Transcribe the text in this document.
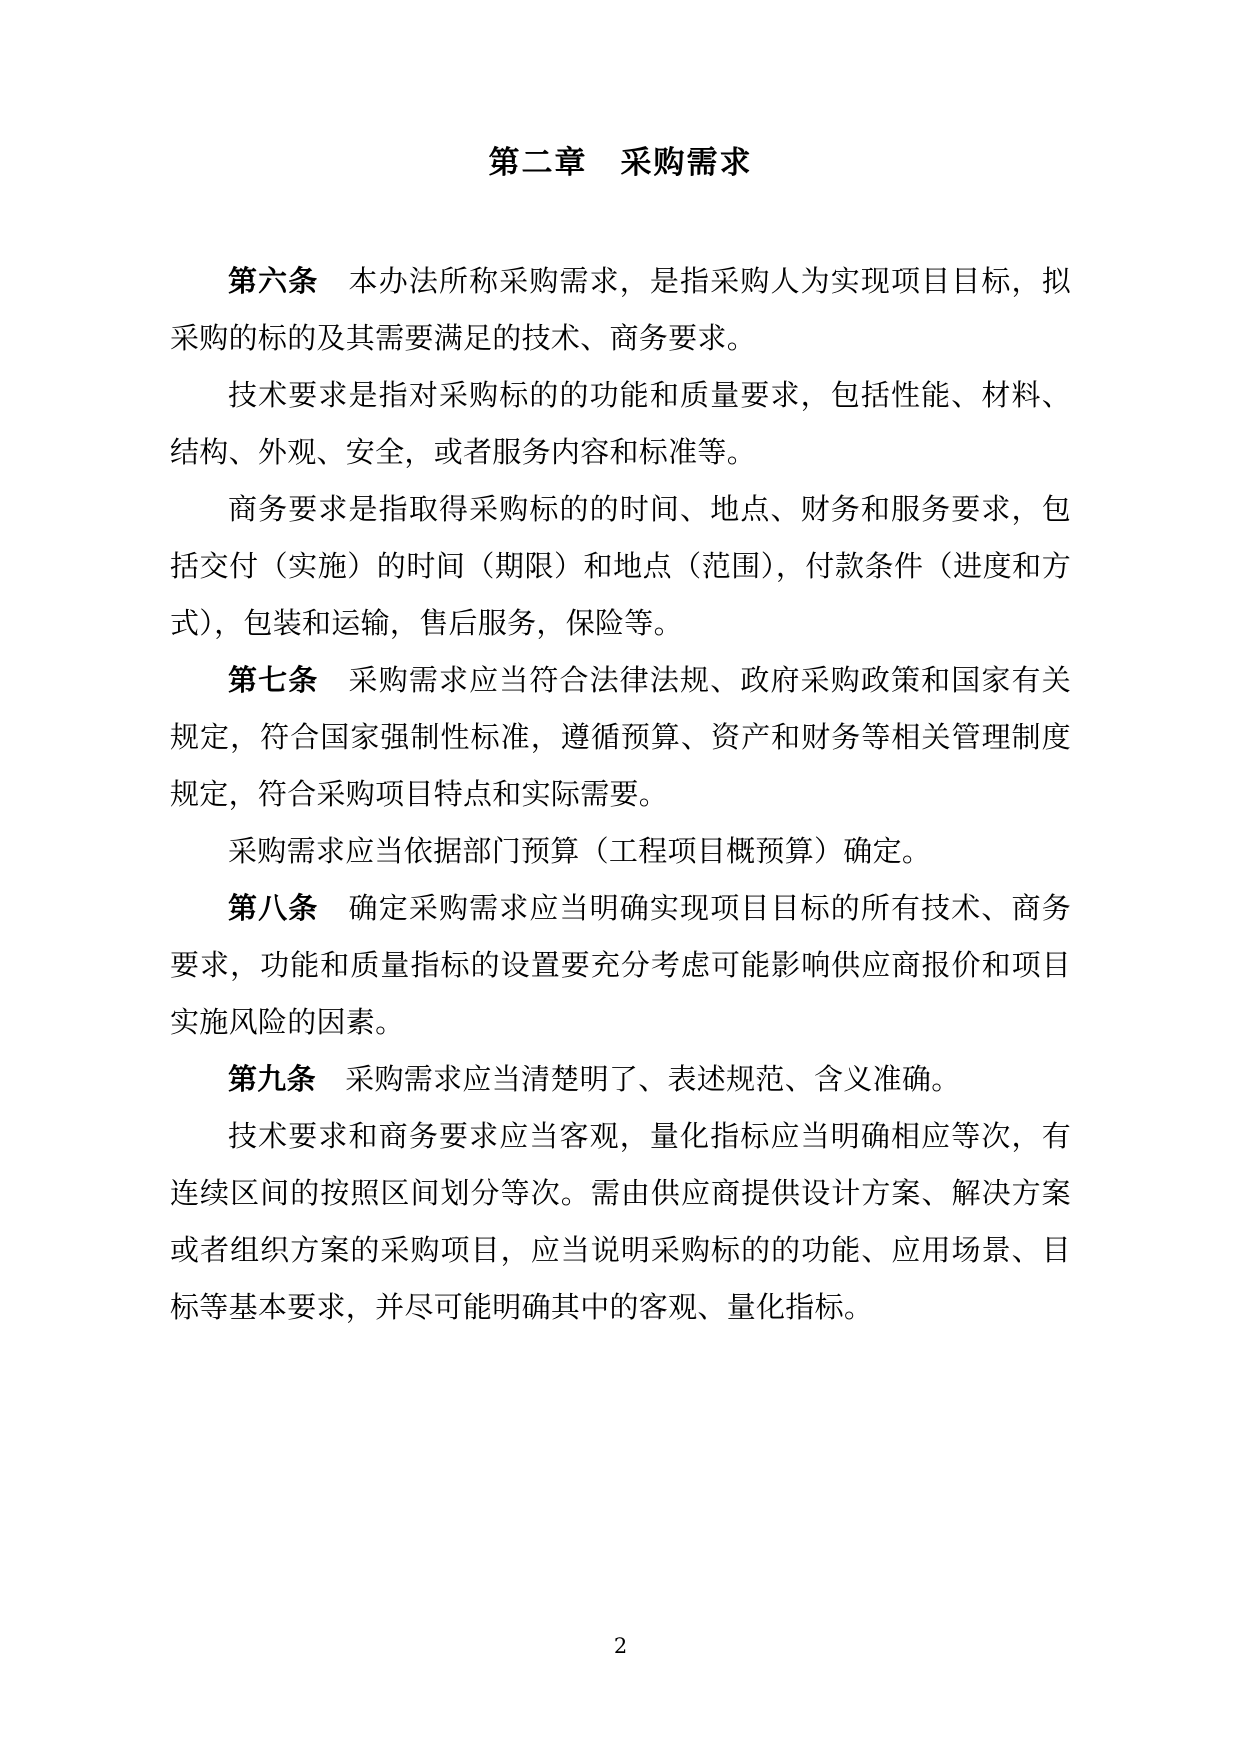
第二章　采购需求

第六条　本办法所称采购需求，是指采购人为实现项目目标，拟采购的标的及其需要满足的技术、商务要求。

技术要求是指对采购标的的功能和质量要求，包括性能、材料、结构、外观、安全，或者服务内容和标准等。

商务要求是指取得采购标的的时间、地点、财务和服务要求，包括交付（实施）的时间（期限）和地点（范围），付款条件（进度和方式），包装和运输，售后服务，保险等。

第七条　采购需求应当符合法律法规、政府采购政策和国家有关规定，符合国家强制性标准，遵循预算、资产和财务等相关管理制度规定，符合采购项目特点和实际需要。

采购需求应当依据部门预算（工程项目概预算）确定。

第八条　确定采购需求应当明确实现项目目标的所有技术、商务要求，功能和质量指标的设置要充分考虑可能影响供应商报价和项目实施风险的因素。

第九条　采购需求应当清楚明了、表述规范、含义准确。

技术要求和商务要求应当客观，量化指标应当明确相应等次，有连续区间的按照区间划分等次。需由供应商提供设计方案、解决方案或者组织方案的采购项目，应当说明采购标的的功能、应用场景、目标等基本要求，并尽可能明确其中的客观、量化指标。

2
